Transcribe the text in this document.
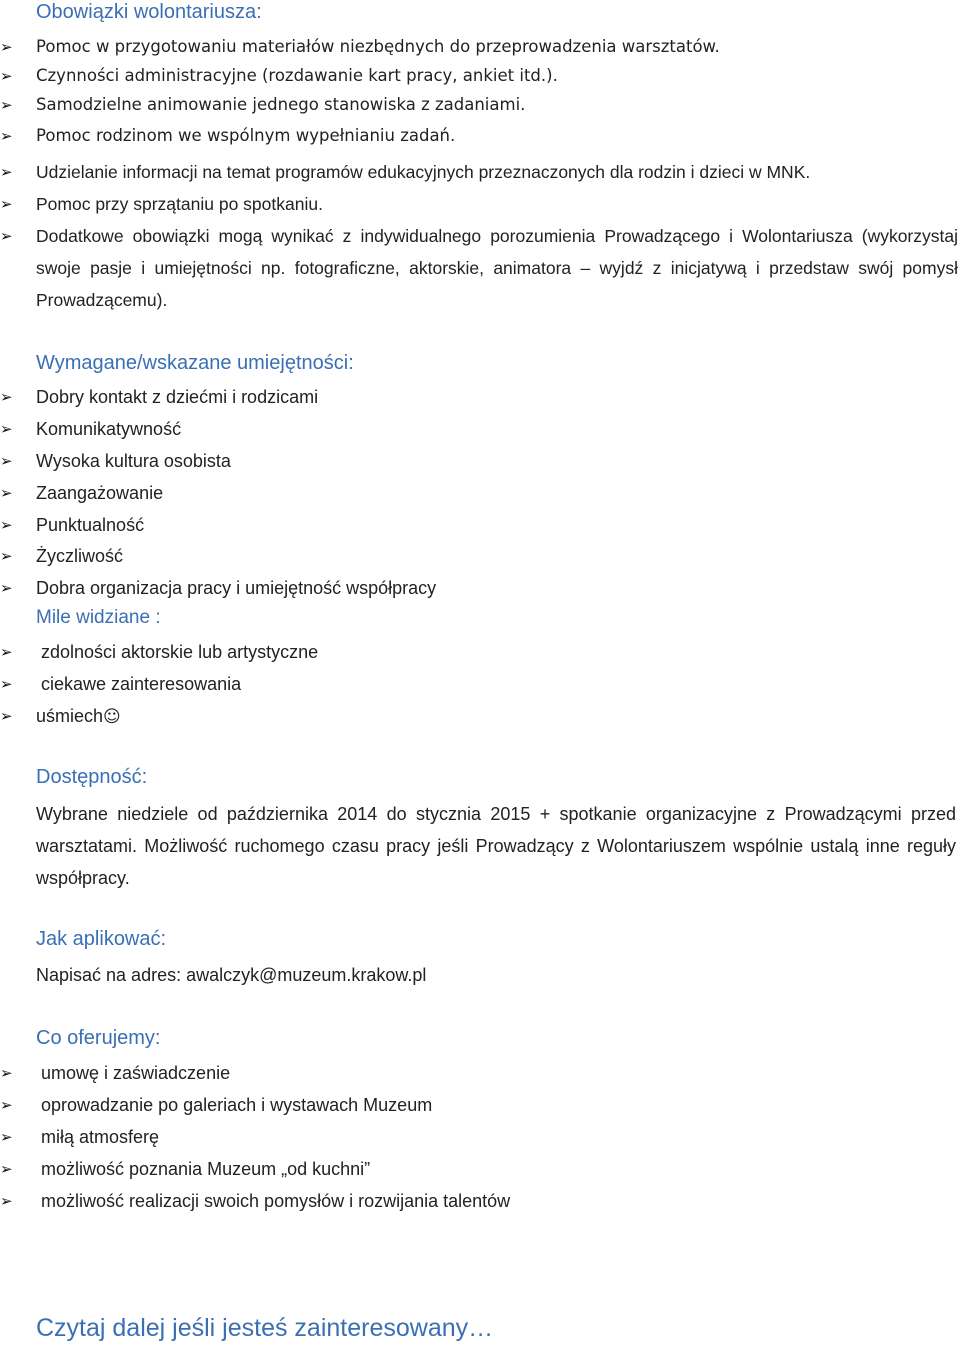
Obowiązki wolontariusza:
➢ Pomoc w przygotowaniu materiałów niezbędnych do przeprowadzenia warsztatów.
➢ Czynności administracyjne (rozdawanie kart pracy, ankiet itd.).
➢ Samodzielne animowanie jednego stanowiska z zadaniami.
➢ Pomoc rodzinom we wspólnym wypełnianiu zadań.
➢ Udzielanie informacji na temat programów edukacyjnych przeznaczonych dla rodzin i dzieci w MNK.
➢ Pomoc przy sprzątaniu po spotkaniu.
➢ Dodatkowe obowiązki mogą wynikać z indywidualnego porozumienia Prowadzącego i Wolontariusza (wykorzystaj swoje pasje i umiejętności np. fotograficzne, aktorskie, animatora – wyjdź z inicjatywą i przedstaw swój pomysł Prowadzącemu).
Wymagane/wskazane umiejętności:
➢ Dobry kontakt z dziećmi i rodzicami
➢ Komunikatywność
➢ Wysoka kultura osobista
➢ Zaangażowanie
➢ Punktualność
➢ Życzliwość
➢ Dobra organizacja pracy i umiejętność współpracy
Mile widziane :
➢ zdolności aktorskie lub artystyczne
➢ ciekawe zainteresowania
➢ uśmiech☺
Dostępność:

Wybrane niedziele od października 2014 do stycznia 2015 + spotkanie organizacyjne z Prowadzącymi przed warsztatami. Możliwość ruchomego czasu pracy jeśli Prowadzący z Wolontariuszem wspólnie ustalą inne reguły współpracy.

Jak aplikować:

Napisać na adres: awalczyk@muzeum.krakow.pl

Co oferujemy:
➢ umowę i zaświadczenie
➢ oprowadzanie po galeriach i wystawach Muzeum
➢ miłą atmosferę
➢ możliwość poznania Muzeum „od kuchni”
➢ możliwość realizacji swoich pomysłów i rozwijania talentów
Czytaj dalej jeśli jesteś zainteresowany…
